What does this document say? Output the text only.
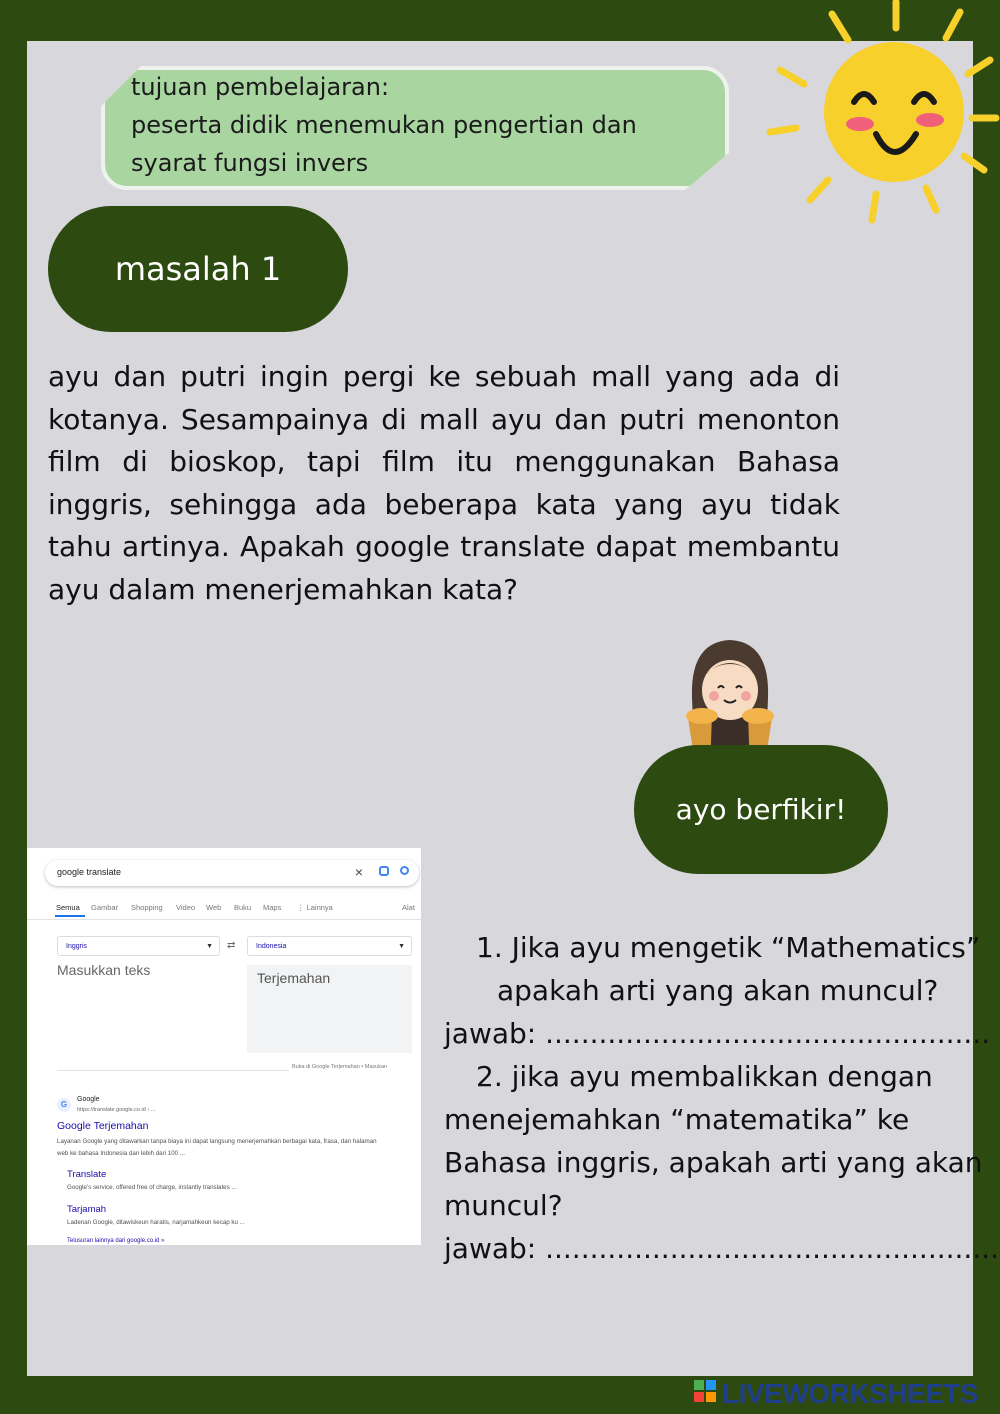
tujuan pembelajaran:
peserta didik menemukan pengertian dan
syarat fungsi invers
masalah 1
ayu dan putri ingin pergi ke sebuah mall yang ada di kotanya. Sesampainya di mall ayu dan putri menonton film di bioskop, tapi film itu menggunakan Bahasa inggris, sehingga ada beberapa kata yang ayu tidak tahu artinya. Apakah google translate dapat membantu ayu dalam menerjemahkan kata?
ayo berfikir!
google translate	×
Semua Gambar Shopping Video Web Buku Maps ⋮ Lainnya	Alat
Inggris	▼ ⇄	Indonesia	▼
Masukkan teks	Terjemahan
Buka di Google Terjemahan • Masukan
G
Google
https://translate.google.co.id › ...
Google Terjemahan
Layanan Google yang ditawarkan tanpa biaya ini dapat langsung menerjemahkan berbagai kata, frasa, dan halaman web ke bahasa Indonesia dan lebih dari 100 ...
Translate
Google's service, offered free of charge, instantly translates ...
Tarjamah
Ladenan Google, ditawiskeun haratis, narjamahkeun kecap ku ...
Telusuran lainnya dari google.co.id »
1. Jika ayu mengetik “Mathematics”
apakah arti yang akan muncul?
jawab: ..................................................
2. jika ayu membalikkan dengan
menejemahkan “matematika” ke
Bahasa inggris, apakah arti yang akan
muncul?
jawab: ...................................................
LIVEWORKSHEETS
